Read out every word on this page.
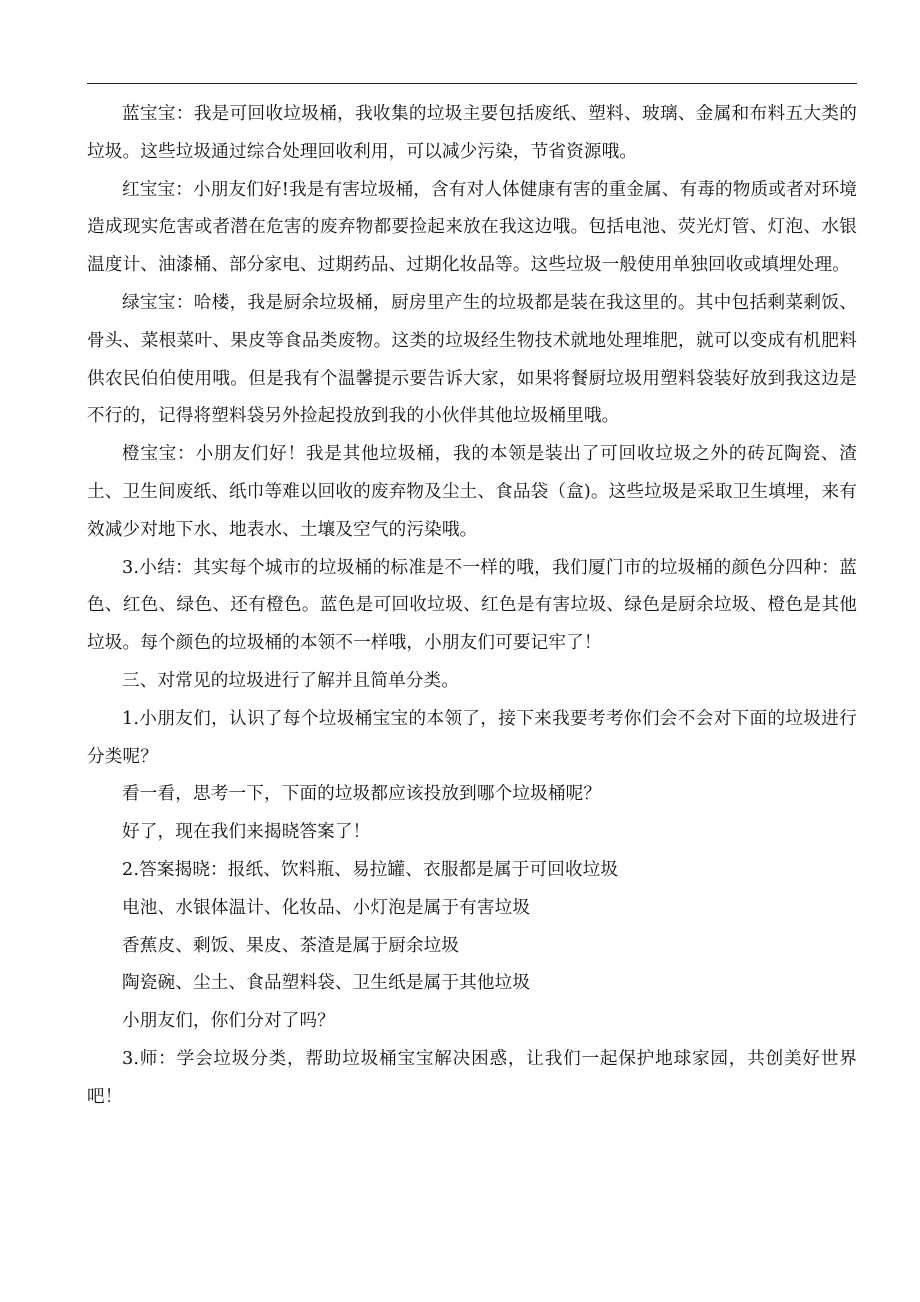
蓝宝宝：我是可回收垃圾桶，我收集的垃圾主要包括废纸、塑料、玻璃、金属和布料五大类的垃圾。这些垃圾通过综合处理回收利用，可以减少污染，节省资源哦。

红宝宝：小朋友们好!我是有害垃圾桶，含有对人体健康有害的重金属、有毒的物质或者对环境造成现实危害或者潜在危害的废弃物都要捡起来放在我这边哦。包括电池、荧光灯管、灯泡、水银温度计、油漆桶、部分家电、过期药品、过期化妆品等。这些垃圾一般使用单独回收或填埋处理。

绿宝宝：哈楼，我是厨余垃圾桶，厨房里产生的垃圾都是装在我这里的。其中包括剩菜剩饭、骨头、菜根菜叶、果皮等食品类废物。这类的垃圾经生物技术就地处理堆肥，就可以变成有机肥料供农民伯伯使用哦。但是我有个温馨提示要告诉大家，如果将餐厨垃圾用塑料袋装好放到我这边是不行的，记得将塑料袋另外捡起投放到我的小伙伴其他垃圾桶里哦。

橙宝宝：小朋友们好！我是其他垃圾桶，我的本领是装出了可回收垃圾之外的砖瓦陶瓷、渣土、卫生间废纸、纸巾等难以回收的废弃物及尘土、食品袋（盒)。这些垃圾是采取卫生填埋，来有效减少对地下水、地表水、土壤及空气的污染哦。

3.小结：其实每个城市的垃圾桶的标准是不一样的哦，我们厦门市的垃圾桶的颜色分四种：蓝色、红色、绿色、还有橙色。蓝色是可回收垃圾、红色是有害垃圾、绿色是厨余垃圾、橙色是其他垃圾。每个颜色的垃圾桶的本领不一样哦，小朋友们可要记牢了！

三、对常见的垃圾进行了解并且简单分类。

1.小朋友们，认识了每个垃圾桶宝宝的本领了，接下来我要考考你们会不会对下面的垃圾进行分类呢？

看一看，思考一下，下面的垃圾都应该投放到哪个垃圾桶呢？

好了，现在我们来揭晓答案了！

2.答案揭晓：报纸、饮料瓶、易拉罐、衣服都是属于可回收垃圾

电池、水银体温计、化妆品、小灯泡是属于有害垃圾

香蕉皮、剩饭、果皮、茶渣是属于厨余垃圾

陶瓷碗、尘土、食品塑料袋、卫生纸是属于其他垃圾

小朋友们，你们分对了吗？

3.师：学会垃圾分类，帮助垃圾桶宝宝解决困惑，让我们一起保护地球家园，共创美好世界吧！
